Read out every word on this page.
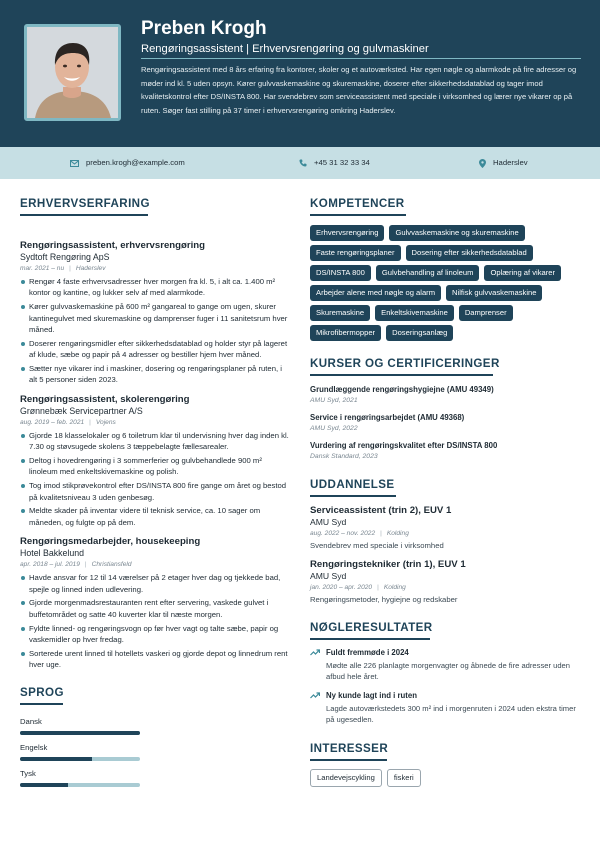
Preben Krogh
Rengøringsassistent | Erhvervsrengøring og gulvmaskiner
Rengøringsassistent med 8 års erfaring fra kontorer, skoler og et autoværksted. Har egen nøgle og alarmkode på fire adresser og møder ind kl. 5 uden opsyn. Kører gulvvaskemaskine og skuremaskine, doserer efter sikkerhedsdatablad og tager imod kvalitetskontrol efter DS/INSTA 800. Har svendebrev som serviceassistent med speciale i virksomhed og lærer nye vikarer op på ruten. Søger fast stilling på 37 timer i erhvervsrengøring omkring Haderslev.
preben.krogh@example.com	+45 31 32 33 34	Haderslev
ERHVERVSERFARING
Rengøringsassistent, erhvervsrengøring
Sydtoft Rengøring ApS
mar. 2021 – nu | Haderslev
Rengør 4 faste erhvervsadresser hver morgen fra kl. 5, i alt ca. 1.400 m² kontor og kantine, og lukker selv af med alarmkode.
Kører gulvvaskemaskine på 600 m² gangareal to gange om ugen, skurer kantinegulvet med skuremaskine og damprenser fuger i 11 sanitetsrum hver måned.
Doserer rengøringsmidler efter sikkerhedsdatablad og holder styr på lageret af klude, sæbe og papir på 4 adresser og bestiller hjem hver måned.
Sætter nye vikarer ind i maskiner, dosering og rengøringsplaner på ruten, i alt 5 personer siden 2023.
Rengøringsassistent, skolerengøring
Grønnebæk Servicepartner A/S
aug. 2019 – feb. 2021 | Vojens
Gjorde 18 klasselokaler og 6 toiletrum klar til undervisning hver dag inden kl. 7.30 og støvsugede skolens 3 tæppebelagte fællesarealer.
Deltog i hovedrengøring i 3 sommerferier og gulvbehandlede 900 m² linoleum med enkeltskivemaskine og polish.
Tog imod stikprøvekontrol efter DS/INSTA 800 fire gange om året og bestod på kvalitetsniveau 3 uden genbesøg.
Meldte skader på inventar videre til teknisk service, ca. 10 sager om måneden, og fulgte op på dem.
Rengøringsmedarbejder, housekeeping
Hotel Bakkelund
apr. 2018 – jul. 2019 | Christiansfeld
Havde ansvar for 12 til 14 værelser på 2 etager hver dag og tjekkede bad, spejle og linned inden udlevering.
Gjorde morgenmadsrestauranten rent efter servering, vaskede gulvet i buffetområdet og satte 40 kuverter klar til næste morgen.
Fyldte linned- og rengøringsvogn op før hver vagt og talte sæbe, papir og vaskemidler op hver fredag.
Sorterede urent linned til hotellets vaskeri og gjorde depot og linnedrum rent hver uge.
SPROG
Dansk
Engelsk
Tysk
KOMPETENCER
Erhvervsrengøring	Gulvvaskemaskine og skuremaskine
Faste rengøringsplaner	Dosering efter sikkerhedsdatablad
DS/INSTA 800	Gulvbehandling af linoleum	Oplæring af vikarer
Arbejder alene med nøgle og alarm	Nilfisk gulvvaskemaskine
Skuremaskine	Enkeltskivemaskine	Damprenser
Mikrofibermopper	Doseringsanlæg
KURSER OG CERTIFICERINGER
Grundlæggende rengøringshygiejne (AMU 49349)
AMU Syd, 2021
Service i rengøringsarbejdet (AMU 49368)
AMU Syd, 2022
Vurdering af rengøringskvalitet efter DS/INSTA 800
Dansk Standard, 2023
UDDANNELSE
Serviceassistent (trin 2), EUV 1
AMU Syd
aug. 2022 – nov. 2022 | Kolding
Svendebrev med speciale i virksomhed
Rengøringstekniker (trin 1), EUV 1
AMU Syd
jan. 2020 – apr. 2020 | Kolding
Rengøringsmetoder, hygiejne og redskaber
NØGLERESULTATER
Fuldt fremmøde i 2024
Mødte alle 226 planlagte morgenvagter og åbnede de fire adresser uden afbud hele året.
Ny kunde lagt ind i ruten
Lagde autoværkstedets 300 m² ind i morgenruten i 2024 uden ekstra timer på ugesedlen.
INTERESSER
Landevejscykling	fiskeri
